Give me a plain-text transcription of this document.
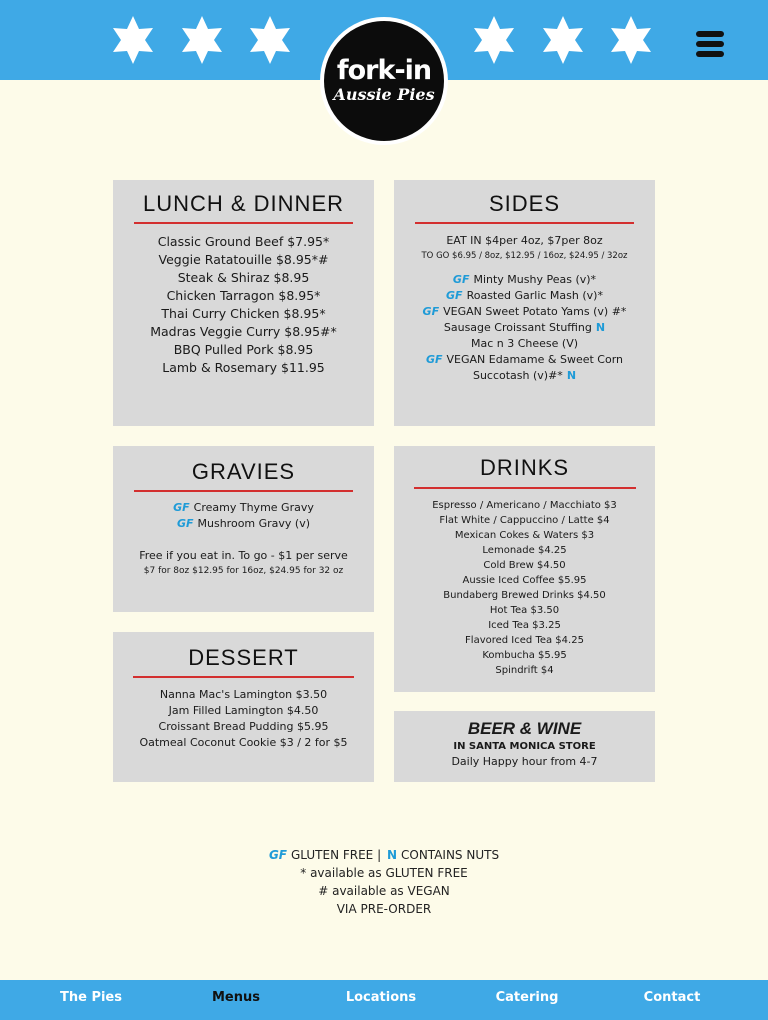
fork-in
Aussie Pies
LUNCH & DINNER
Classic Ground Beef $7.95*
Veggie Ratatouille $8.95*#
Steak & Shiraz $8.95
Chicken Tarragon $8.95*
Thai Curry Chicken $8.95*
Madras Veggie Curry $8.95#*
BBQ Pulled Pork $8.95
Lamb & Rosemary $11.95
SIDES
EAT IN $4per 4oz, $7per 8oz
TO GO $6.95 / 8oz, $12.95 / 16oz, $24.95 / 32oz
GF Minty Mushy Peas (v)*
GF Roasted Garlic Mash (v)*
GF VEGAN Sweet Potato Yams (v) #*
Sausage Croissant Stuffing N
Mac n 3 Cheese (V)
GF VEGAN Edamame & Sweet Corn
Succotash (v)#* N
GRAVIES
GF Creamy Thyme Gravy
GF Mushroom Gravy (v)
Free if you eat in. To go - $1 per serve
$7 for 8oz $12.95 for 16oz, $24.95 for 32 oz
DESSERT
Nanna Mac's Lamington $3.50
Jam Filled Lamington $4.50
Croissant Bread Pudding $5.95
Oatmeal Coconut Cookie $3 / 2 for $5
DRINKS
Espresso / Americano / Macchiato $3
Flat White / Cappuccino / Latte $4
Mexican Cokes & Waters $3
Lemonade $4.25
Cold Brew $4.50
Aussie Iced Coffee $5.95
Bundaberg Brewed Drinks $4.50
Hot Tea $3.50
Iced Tea $3.25
Flavored Iced Tea $4.25
Kombucha $5.95
Spindrift $4
BEER & WINE
IN SANTA MONICA STORE
Daily Happy hour from 4-7
GF GLUTEN FREE | N CONTAINS NUTS
* available as GLUTEN FREE
# available as VEGAN
VIA PRE-ORDER
The Pies	Menus	Locations	Catering	Contact
